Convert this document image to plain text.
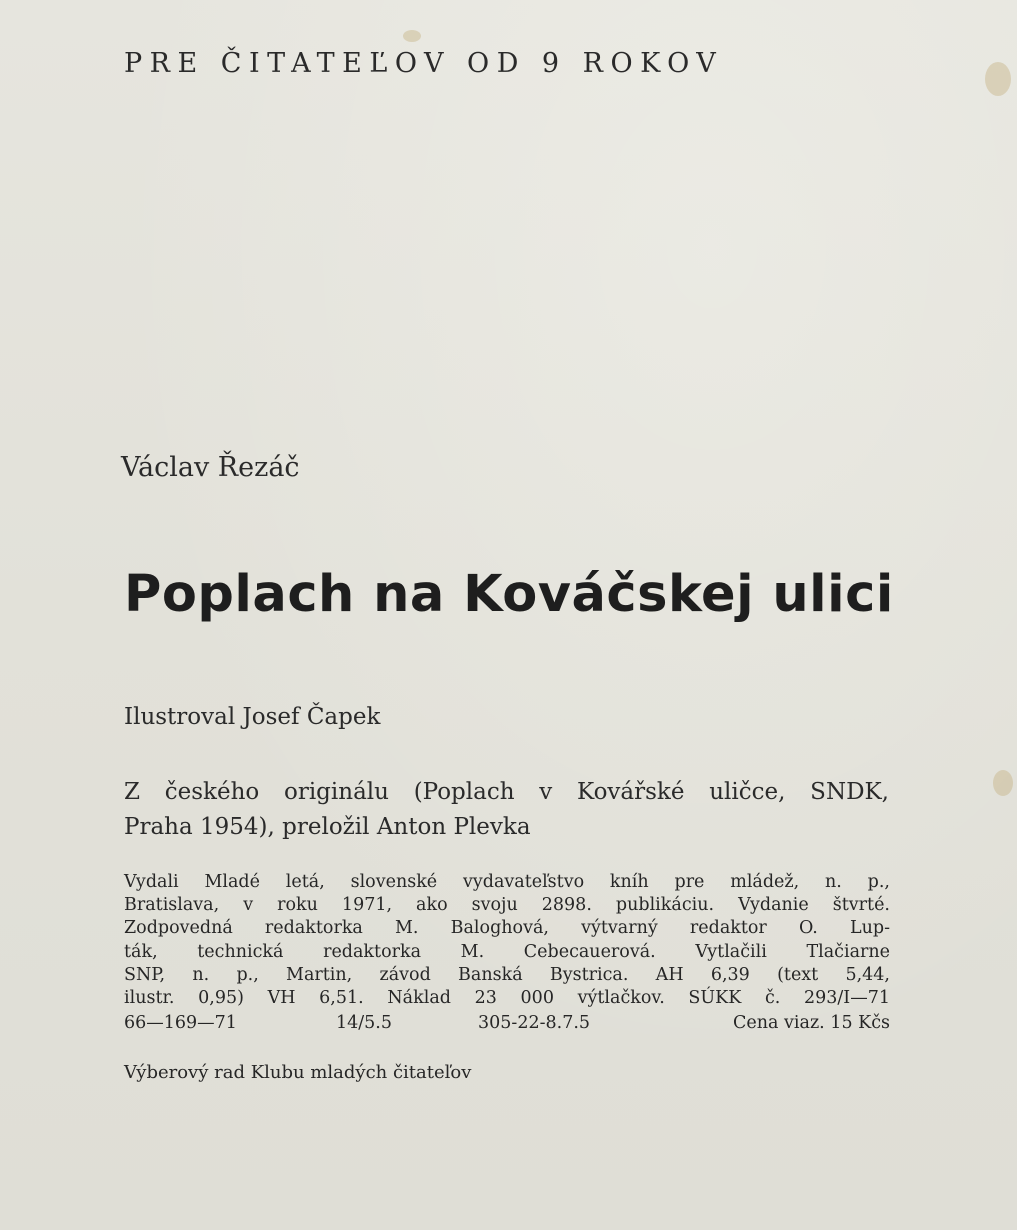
PRE ČITATEĽOV OD 9 ROKOV
Václav Řezáč
Poplach na Kováčskej ulici
Ilustroval Josef Čapek
Z českého originálu (Poplach v Kovářské uličce, SNDK,
Praha 1954), preložil Anton Plevka
Vydali Mladé letá, slovenské vydavateľstvo kníh pre mládež, n. p.,
Bratislava, v roku 1971, ako svoju 2898. publikáciu. Vydanie štvrté.
Zodpovedná redaktorka M. Baloghová, výtvarný redaktor O. Lup-
ták, technická redaktorka M. Cebecauerová. Vytlačili Tlačiarne
SNP, n. p., Martin, závod Banská Bystrica. AH 6,39 (text 5,44,
ilustr. 0,95) VH 6,51. Náklad 23 000 výtlačkov. SÚKK č. 293/I—71
66—169—71	14/5.5	305-22-8.7.5	Cena viaz. 15 Kčs
Výberový rad Klubu mladých čitateľov
